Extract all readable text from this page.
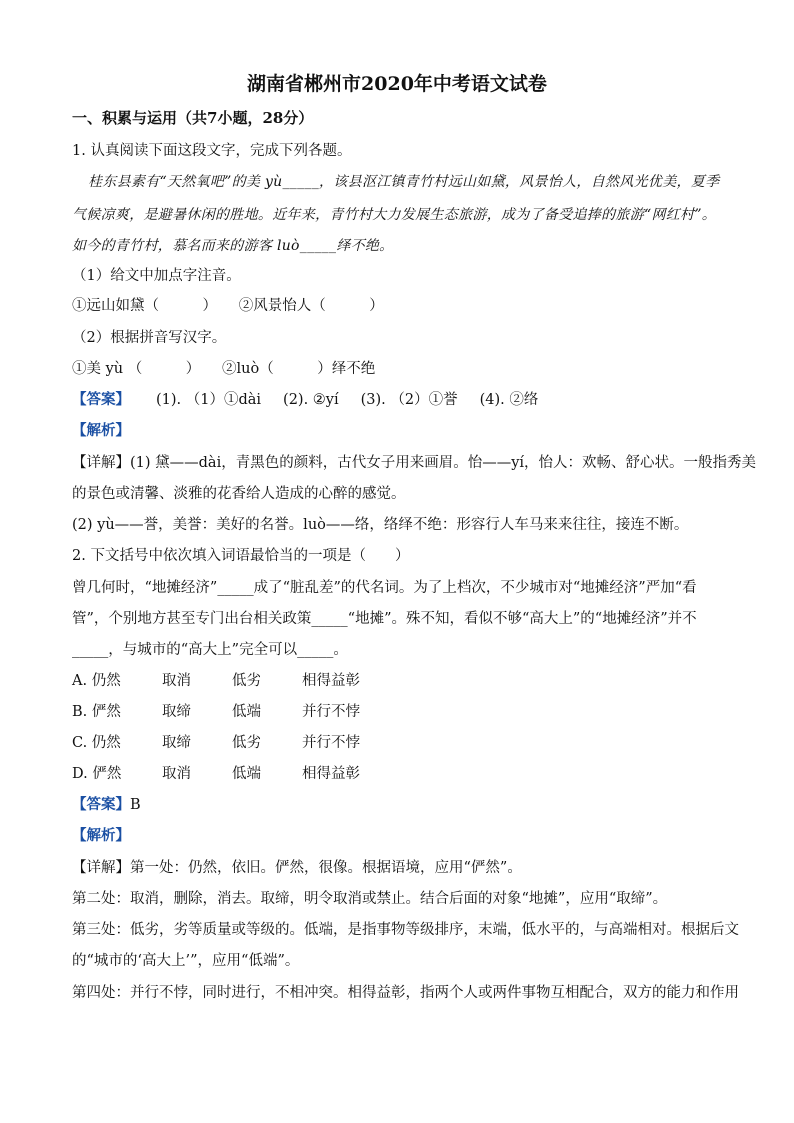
湖南省郴州市2020年中考语文试卷
一、积累与运用（共7小题，28分）
1. 认真阅读下面这段文字，完成下列各题。
桂东县素有“天然氧吧”的美 yù_____，该县沤江镇青竹村远山如黛，风景怡人，自然风光优美，夏季
气候凉爽，是避暑休闲的胜地。近年来，青竹村大力发展生态旅游，成为了备受追捧的旅游“网红村”。
如今的青竹村，慕名而来的游客 luò_____绎不绝。
（1）给文中加点字注音。
①远山如黛（　　　）　　②风景怡人（　　　）
（2）根据拼音写汉字。
①美 yù （　　　）　　②luò（　　　）绎不绝
【答案】 (1). （1）①dài (2). ②yí (3). （2）①誉 (4). ②络
【解析】
【详解】(1) 黛——dài，青黑色的颜料，古代女子用来画眉。怡——yí，怡人：欢畅、舒心状。一般指秀美
的景色或清馨、淡雅的花香给人造成的心醉的感觉。
(2) yù——誉，美誉：美好的名誉。luò——络，络绎不绝：形容行人车马来来往往，接连不断。
2. 下文括号中依次填入词语最恰当的一项是（　　）
曾几何时，“地摊经济”_____成了“脏乱差”的代名词。为了上档次，不少城市对“地摊经济”严加“看
管”，个别地方甚至专门出台相关政策_____“地摊”。殊不知，看似不够“高大上”的“地摊经济”并不
_____，与城市的“高大上”完全可以_____。
A. 仍然	取消	低劣	相得益彰
B. 俨然	取缔	低端	并行不悖
C. 仍然	取缔	低劣	并行不悖
D. 俨然	取消	低端	相得益彰
【答案】B
【解析】
【详解】第一处：仍然，依旧。俨然，很像。根据语境，应用“俨然”。
第二处：取消，删除，消去。取缔，明令取消或禁止。结合后面的对象“地摊”，应用“取缔”。
第三处：低劣，劣等质量或等级的。低端，是指事物等级排序，末端，低水平的，与高端相对。根据后文
的“城市的‘高大上’”，应用“低端”。
第四处：并行不悖，同时进行，不相冲突。相得益彰，指两个人或两件事物互相配合，双方的能力和作用
